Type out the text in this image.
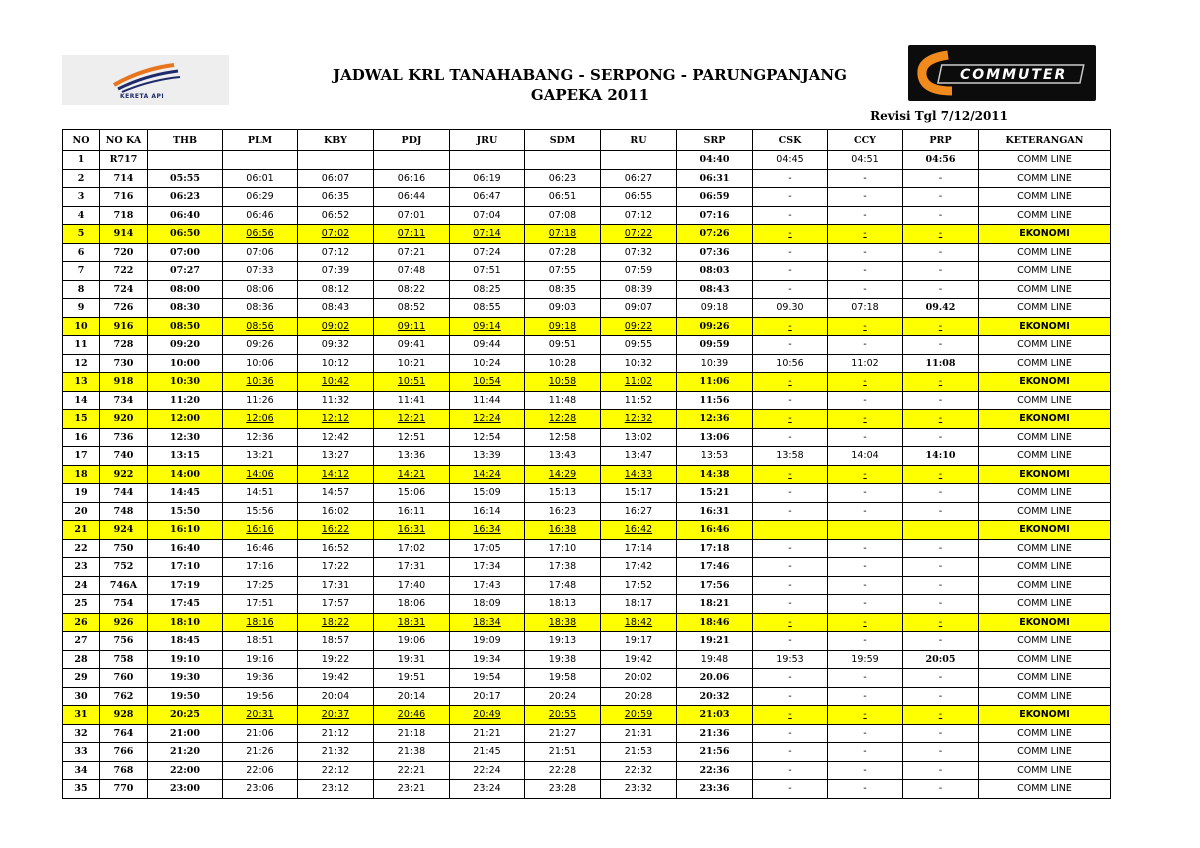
KERETA API
JADWAL KRL TANAHABANG - SERPONG - PARUNGPANJANG
GAPEKA 2011
COMMUTER
Revisi Tgl 7/12/2011
NO	NO KA	THB	PLM	KBY	PDJ	JRU	SDM	RU	SRP	CSK	CCY	PRP	KETERANGAN
1	R717								04:40	04:45	04:51	04:56	COMM LINE
2	714	05:55	06:01	06:07	06:16	06:19	06:23	06:27	06:31	-	-	-	COMM LINE
3	716	06:23	06:29	06:35	06:44	06:47	06:51	06:55	06:59	-	-	-	COMM LINE
4	718	06:40	06:46	06:52	07:01	07:04	07:08	07:12	07:16	-	-	-	COMM LINE
5	914	06:50	06:56	07:02	07:11	07:14	07:18	07:22	07:26	-	-	-	EKONOMI
6	720	07:00	07:06	07:12	07:21	07:24	07:28	07:32	07:36	-	-	-	COMM LINE
7	722	07:27	07:33	07:39	07:48	07:51	07:55	07:59	08:03	-	-	-	COMM LINE
8	724	08:00	08:06	08:12	08:22	08:25	08:35	08:39	08:43	-	-	-	COMM LINE
9	726	08:30	08:36	08:43	08:52	08:55	09:03	09:07	09:18	09.30	07:18	09.42	COMM LINE
10	916	08:50	08:56	09:02	09:11	09:14	09:18	09:22	09:26	-	-	-	EKONOMI
11	728	09:20	09:26	09:32	09:41	09:44	09:51	09:55	09:59	-	-	-	COMM LINE
12	730	10:00	10:06	10:12	10:21	10:24	10:28	10:32	10:39	10:56	11:02	11:08	COMM LINE
13	918	10:30	10:36	10:42	10:51	10:54	10:58	11:02	11:06	-	-	-	EKONOMI
14	734	11:20	11:26	11:32	11:41	11:44	11:48	11:52	11:56	-	-	-	COMM LINE
15	920	12:00	12:06	12:12	12:21	12:24	12:28	12:32	12:36	-	-	-	EKONOMI
16	736	12:30	12:36	12:42	12:51	12:54	12:58	13:02	13:06	-	-	-	COMM LINE
17	740	13:15	13:21	13:27	13:36	13:39	13:43	13:47	13:53	13:58	14:04	14:10	COMM LINE
18	922	14:00	14:06	14:12	14:21	14:24	14:29	14:33	14:38	-	-	-	EKONOMI
19	744	14:45	14:51	14:57	15:06	15:09	15:13	15:17	15:21	-	-	-	COMM LINE
20	748	15:50	15:56	16:02	16:11	16:14	16:23	16:27	16:31	-	-	-	COMM LINE
21	924	16:10	16:16	16:22	16:31	16:34	16:38	16:42	16:46				EKONOMI
22	750	16:40	16:46	16:52	17:02	17:05	17:10	17:14	17:18	-	-	-	COMM LINE
23	752	17:10	17:16	17:22	17:31	17:34	17:38	17:42	17:46	-	-	-	COMM LINE
24	746A	17:19	17:25	17:31	17:40	17:43	17:48	17:52	17:56	-	-	-	COMM LINE
25	754	17:45	17:51	17:57	18:06	18:09	18:13	18:17	18:21	-	-	-	COMM LINE
26	926	18:10	18:16	18:22	18:31	18:34	18:38	18:42	18:46	-	-	-	EKONOMI
27	756	18:45	18:51	18:57	19:06	19:09	19:13	19:17	19:21	-	-	-	COMM LINE
28	758	19:10	19:16	19:22	19:31	19:34	19:38	19:42	19:48	19:53	19:59	20:05	COMM LINE
29	760	19:30	19:36	19:42	19:51	19:54	19:58	20:02	20.06	-	-	-	COMM LINE
30	762	19:50	19:56	20:04	20:14	20:17	20:24	20:28	20:32	-	-	-	COMM LINE
31	928	20:25	20:31	20:37	20:46	20:49	20:55	20:59	21:03	-	-	-	EKONOMI
32	764	21:00	21:06	21:12	21:18	21:21	21:27	21:31	21:36	-	-	-	COMM LINE
33	766	21:20	21:26	21:32	21:38	21:45	21:51	21:53	21:56	-	-	-	COMM LINE
34	768	22:00	22:06	22:12	22:21	22:24	22:28	22:32	22:36	-	-	-	COMM LINE
35	770	23:00	23:06	23:12	23:21	23:24	23:28	23:32	23:36	-	-	-	COMM LINE
